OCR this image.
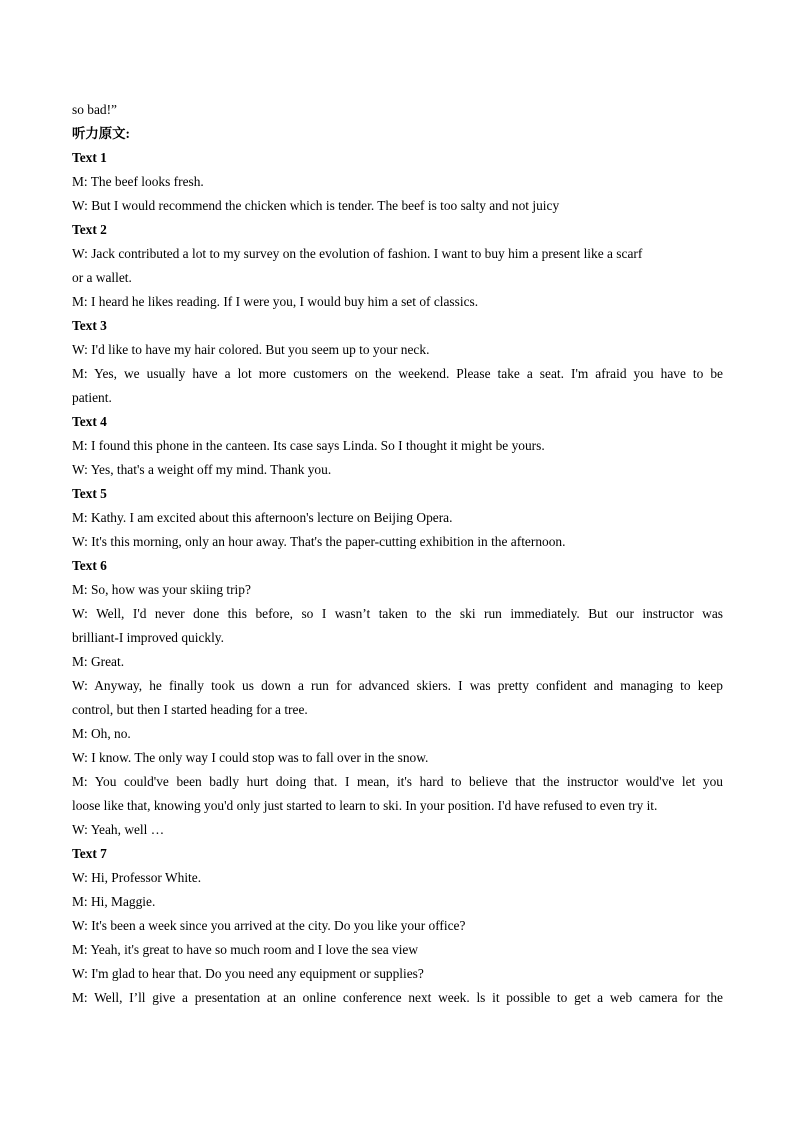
so bad!”
听力原文:
Text 1
M: The beef looks fresh.
W: But I would recommend the chicken which is tender. The beef is too salty and not juicy
Text 2
W: Jack contributed a lot to my survey on the evolution of fashion. I want to buy him a present like a scarf
or a wallet.
M: I heard he likes reading. If I were you, I would buy him a set of classics.
Text 3
W: I'd like to have my hair colored. But you seem up to your neck.
M: Yes, we usually have a lot more customers on the weekend. Please take a seat. I'm afraid you have to be
patient.
Text 4
M: I found this phone in the canteen. Its case says Linda. So I thought it might be yours.
W: Yes, that's a weight off my mind. Thank you.
Text 5
M: Kathy. I am excited about this afternoon's lecture on Beijing Opera.
W: It's this morning, only an hour away. That's the paper-cutting exhibition in the afternoon.
Text 6
M: So, how was your skiing trip?
W: Well, I'd never done this before, so I wasn’t taken to the ski run immediately. But our instructor was
brilliant-I improved quickly.
M: Great.
W: Anyway, he finally took us down a run for advanced skiers. I was pretty confident and managing to keep
control, but then I started heading for a tree.
M: Oh, no.
W: I know. The only way I could stop was to fall over in the snow.
M: You could've been badly hurt doing that. I mean, it's hard to believe that the instructor would've let you
loose like that, knowing you'd only just started to learn to ski. In your position. I'd have refused to even try it.
W: Yeah, well …
Text 7
W: Hi, Professor White.
M: Hi, Maggie.
W: It's been a week since you arrived at the city. Do you like your office?
M: Yeah, it's great to have so much room and I love the sea view
W: I'm glad to hear that. Do you need any equipment or supplies?
M: Well, I’ll give a presentation at an online conference next week. ls it possible to get a web camera for the
